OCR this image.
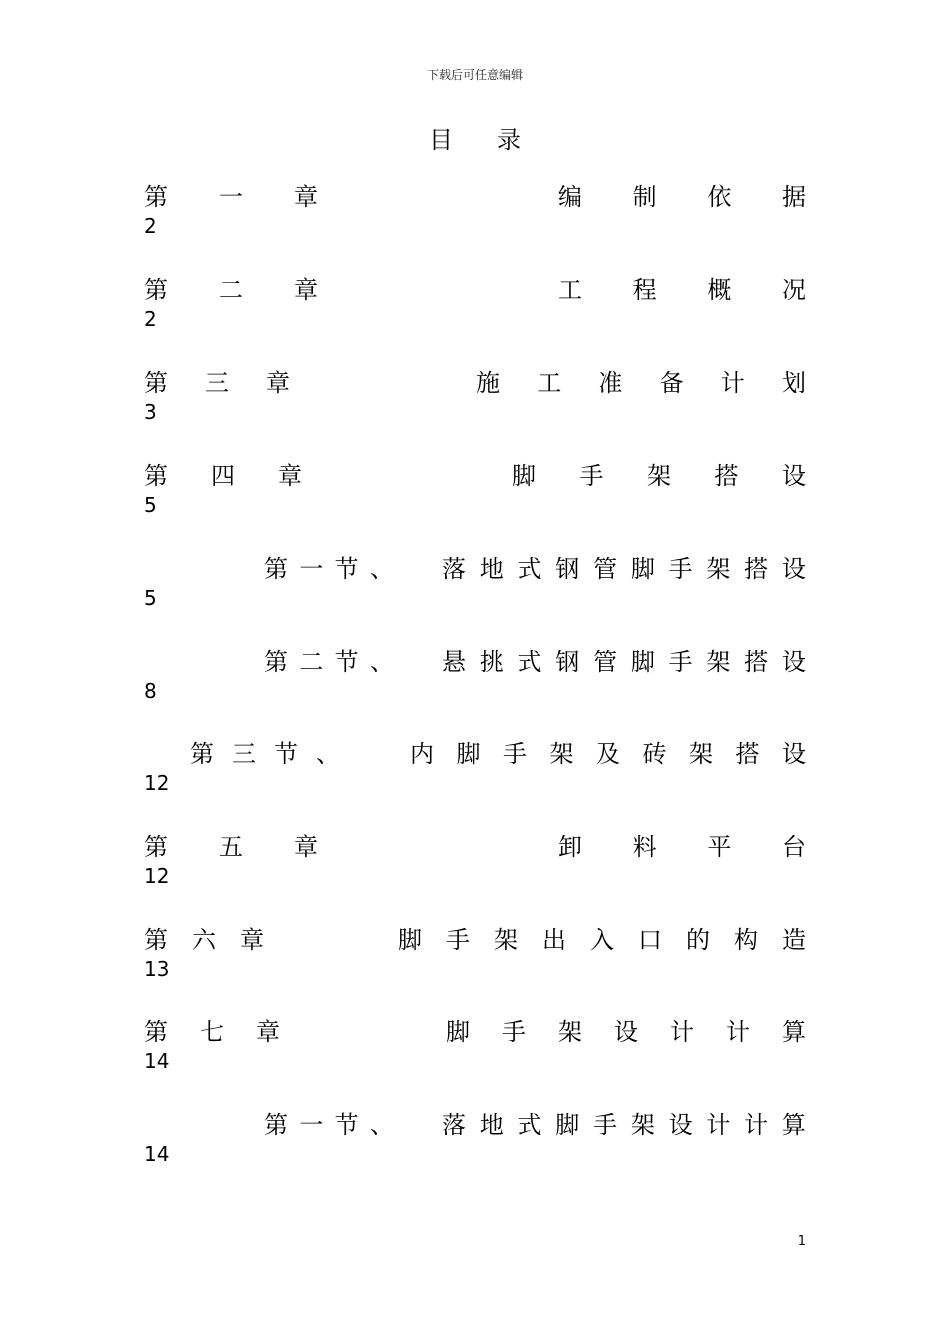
下载后可任意编辑
目录
第 一 章	编 制 依 据
2
第 二 章	工 程 概 况
2
第 三 章	施 工 准 备 计 划
3
第 四 章	脚 手 架 搭 设
5
第 一 节 、 落 地 式 钢 管 脚 手 架 搭 设
5
第 二 节 、 悬 挑 式 钢 管 脚 手 架 搭 设
8
第 三 节 、	内 脚 手 架 及 砖 架 搭 设
12
第 五 章	卸 料 平 台
12
第 六 章	脚 手 架 出 入 口 的 构 造
13
第 七 章	脚 手 架 设 计 计 算
14
第 一 节 、 落 地 式 脚 手 架 设 计 计 算
14
1
